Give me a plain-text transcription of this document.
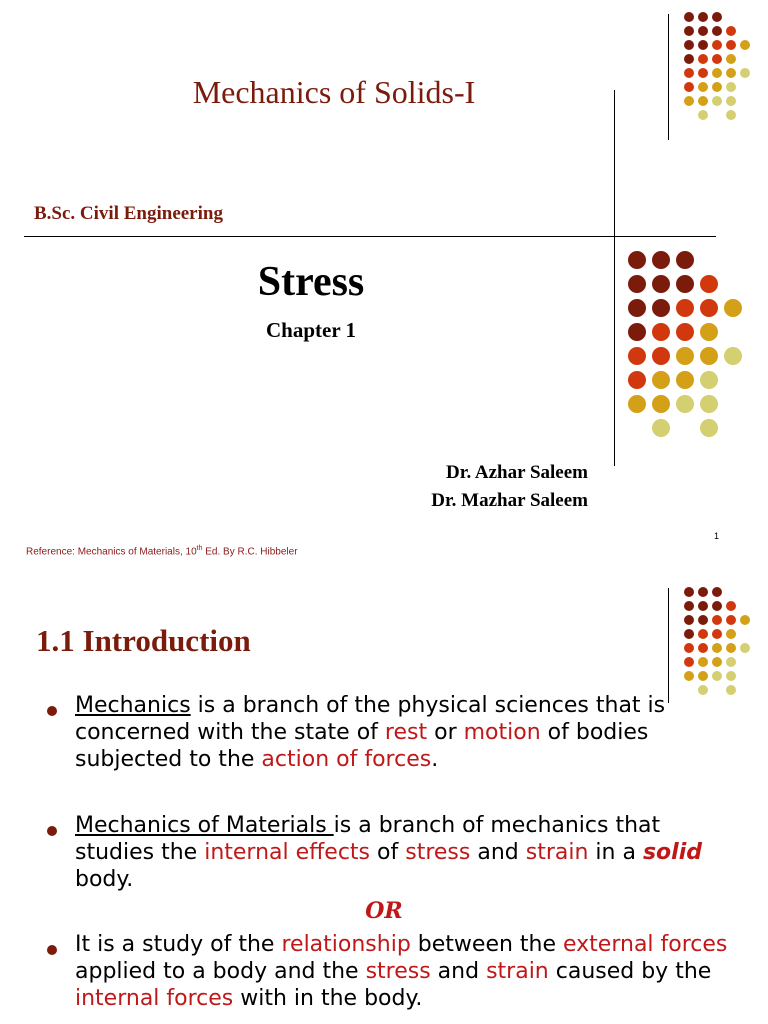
Mechanics of Solids-I
B.Sc. Civil Engineering
Stress
Chapter 1
Dr. Azhar Saleem
Dr. Mazhar Saleem
Reference: Mechanics of Materials, 10th Ed. By R.C. Hibbeler
1
1.1 Introduction
Mechanics is a branch of the physical sciences that is concerned with the state of rest or motion of bodies subjected to the action of forces.
Mechanics of Materials is a branch of mechanics that studies the internal effects of stress and strain in a solid body.
OR
It is a study of the relationship between the external forces applied to a body and the stress and strain caused by the internal forces with in the body.
